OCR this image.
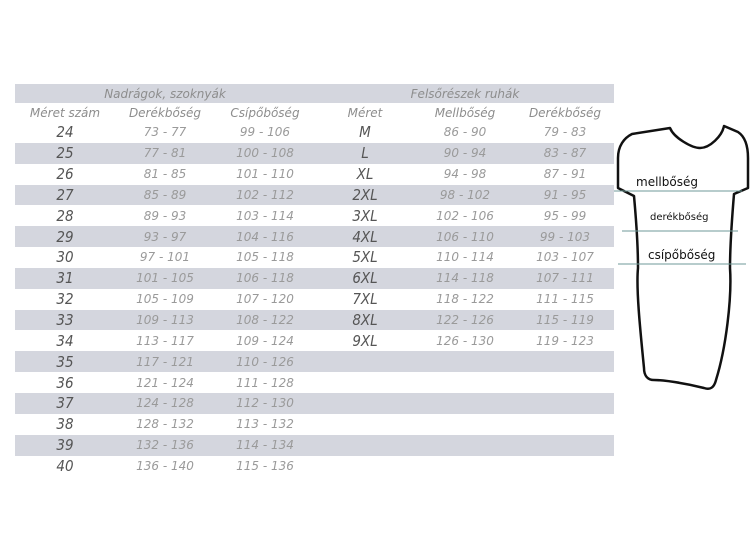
Nadrágok, szoknyák	Felsőrészek ruhák
Méret szám	Derékbőség	Csípőbőség	Méret	Mellbőség	Derékbőség
24	73 - 77	99 - 106	M	86 - 90	79 - 83
25	77 - 81	100 - 108	L	90 - 94	83 - 87
26	81 - 85	101 - 110	XL	94 - 98	87 - 91
27	85 - 89	102 - 112	2XL	98 - 102	91 - 95
28	89 - 93	103 - 114	3XL	102 - 106	95 - 99
29	93 - 97	104 - 116	4XL	106 - 110	99 - 103
30	97 - 101	105 - 118	5XL	110 - 114	103 - 107
31	101 - 105	106 - 118	6XL	114 - 118	107 - 111
32	105 - 109	107 - 120	7XL	118 - 122	111 - 115
33	109 - 113	108 - 122	8XL	122 - 126	115 - 119
34	113 - 117	109 - 124	9XL	126 - 130	119 - 123
35	117 - 121	110 - 126
36	121 - 124	111 - 128
37	124 - 128	112 - 130
38	128 - 132	113 - 132
39	132 - 136	114 - 134
40	136 - 140	115 - 136
mellbőség
derékbőség
csípőbőség
